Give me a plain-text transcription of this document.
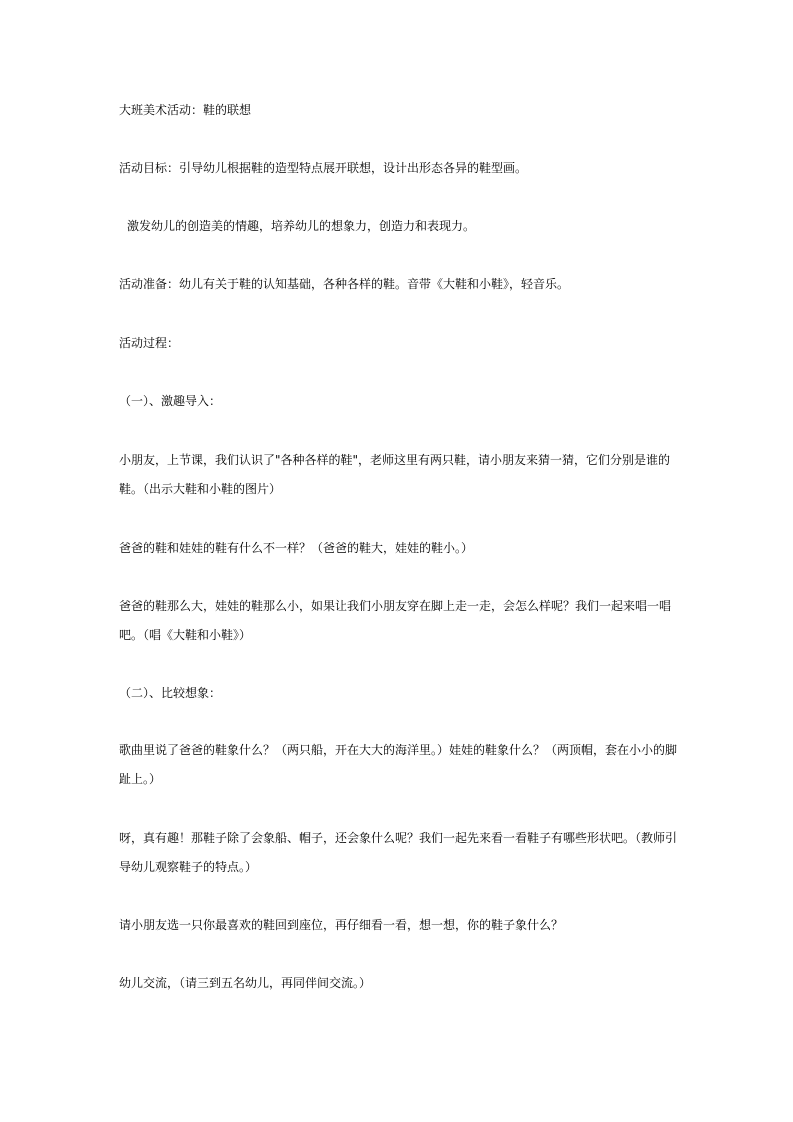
大班美术活动：鞋的联想
活动目标：引导幼儿根据鞋的造型特点展开联想，设计出形态各异的鞋型画。
激发幼儿的创造美的情趣，培养幼儿的想象力，创造力和表现力。
活动准备：幼儿有关于鞋的认知基础，各种各样的鞋。音带《大鞋和小鞋》，轻音乐。
活动过程：
（一）、激趣导入：
小朋友，上节课，我们认识了"各种各样的鞋"，老师这里有两只鞋，请小朋友来猜一猜，它们分别是谁的鞋。（出示大鞋和小鞋的图片）
爸爸的鞋和娃娃的鞋有什么不一样？（爸爸的鞋大，娃娃的鞋小。）
爸爸的鞋那么大，娃娃的鞋那么小，如果让我们小朋友穿在脚上走一走，会怎么样呢？我们一起来唱一唱吧。（唱《大鞋和小鞋》）
（二）、比较想象：
歌曲里说了爸爸的鞋象什么？（两只船，开在大大的海洋里。）娃娃的鞋象什么？（两顶帽，套在小小的脚趾上。）
呀，真有趣！那鞋子除了会象船、帽子，还会象什么呢？我们一起先来看一看鞋子有哪些形状吧。（教师引导幼儿观察鞋子的特点。）
请小朋友选一只你最喜欢的鞋回到座位，再仔细看一看，想一想，你的鞋子象什么？
幼儿交流，（请三到五名幼儿，再同伴间交流。）
